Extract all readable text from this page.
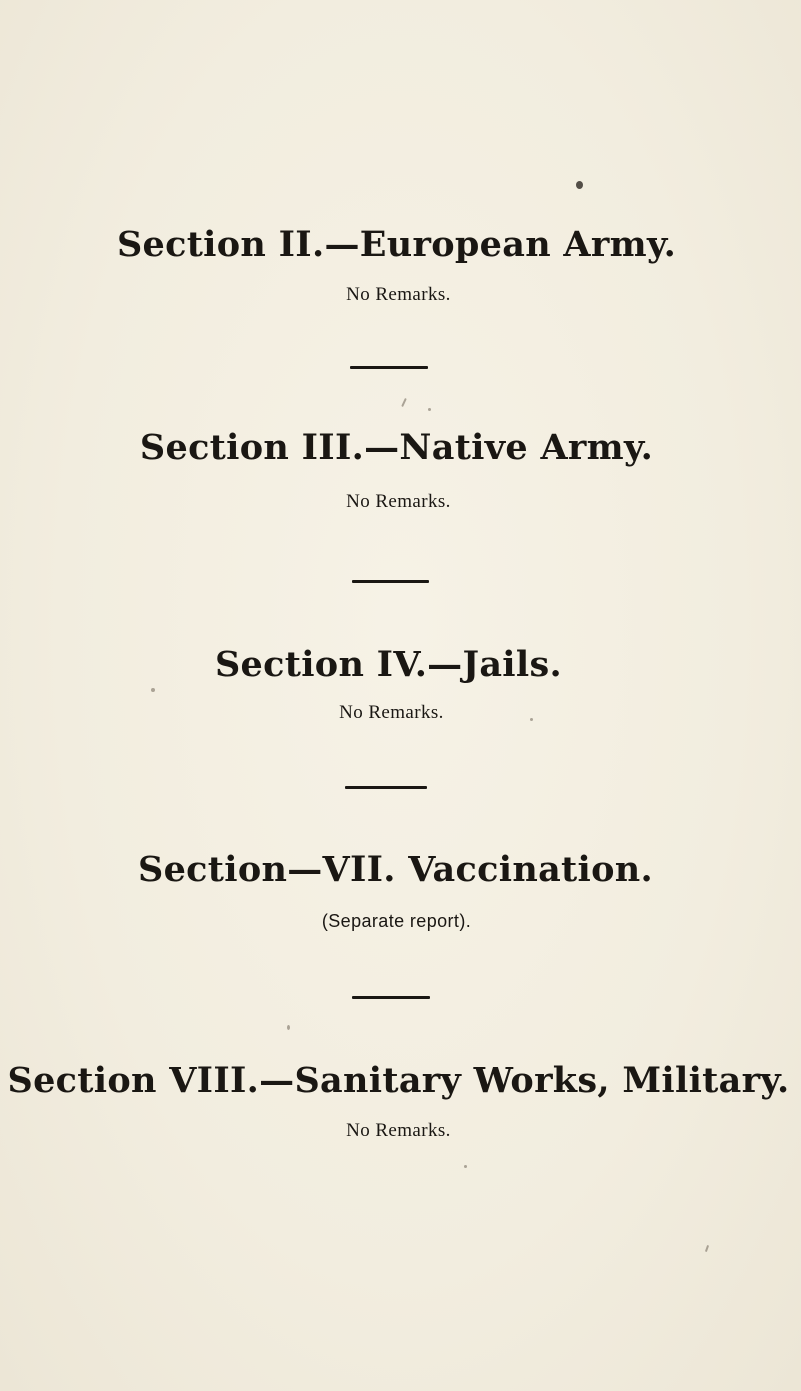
Section II.—European Army.
No Remarks.
Section III.—Native Army.
No Remarks.
Section IV.—Jails.
No Remarks.
Section—VII. Vaccination.
(Separate report).
Section VIII.—Sanitary Works, Military.
No Remarks.
